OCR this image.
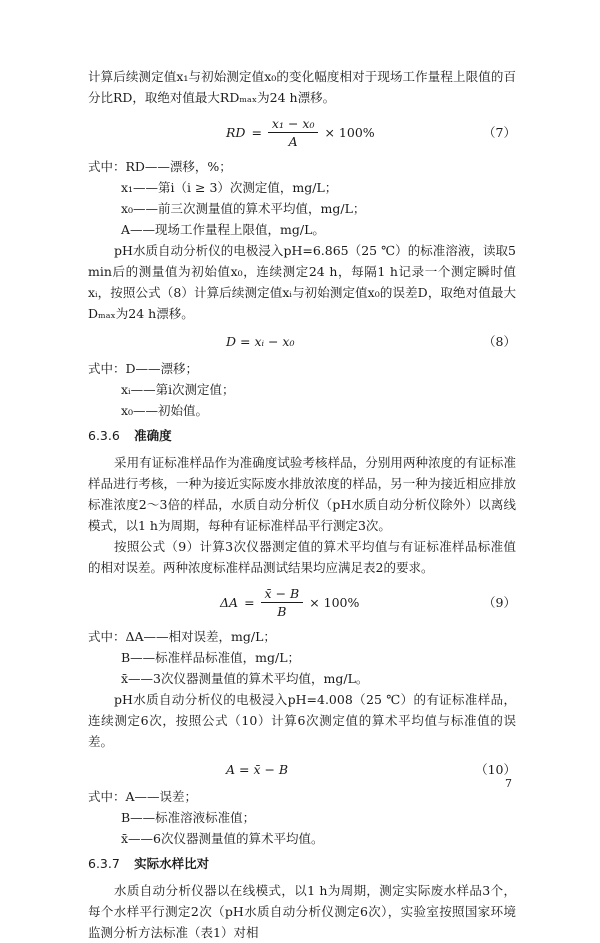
计算后续测定值x₁与初始测定值x₀的变化幅度相对于现场工作量程上限值的百分比RD，取绝对值最大RDₘₐₓ为24 h漂移。

RD = $\frac{\text{x₁ − x₀}}{A} \times 100\%$	（7）

式中：RD——漂移，%；

x₁——第i（i ≥ 3）次测定值，mg/L；

x₀——前三次测量值的算术平均值，mg/L；

A——现场工作量程上限值，mg/L。

pH水质自动分析仪的电极浸入pH=6.865（25 ℃）的标准溶液，读取5 min后的测量值为初始值x₀，连续测定24 h，每隔1 h记录一个测定瞬时值xᵢ，按照公式（8）计算后续测定值xᵢ与初始测定值x₀的误差D，取绝对值最大Dₘₐₓ为24 h漂移。

D = xᵢ − x₀	（8）

式中：D——漂移；

xᵢ——第i次测定值；

x₀——初始值。

6.3.6 准确度

采用有证标准样品作为准确度试验考核样品，分别用两种浓度的有证标准样品进行考核，一种为接近实际废水排放浓度的样品，另一种为接近相应排放标准浓度2～3倍的样品，水质自动分析仪（pH水质自动分析仪除外）以离线模式，以1 h为周期，每种有证标准样品平行测定3次。

按照公式（9）计算3次仪器测定值的算术平均值与有证标准样品标准值的相对误差。两种浓度标准样品测试结果均应满足表2的要求。

$\Delta A = \frac{x̄ - B}{B} \times 100\%$	（9）

式中：ΔA——相对误差，mg/L；

B——标准样品标准值，mg/L；

x̄——3次仪器测量值的算术平均值，mg/L。

pH水质自动分析仪的电极浸入pH=4.008（25 ℃）的有证标准样品，连续测定6次，按照公式（10）计算6次测定值的算术平均值与标准值的误差。

A = x̄ − B	（10）

式中：A——误差；

B——标准溶液标准值；

x̄——6次仪器测量值的算术平均值。

6.3.7 实际水样比对

水质自动分析仪器以在线模式，以1 h为周期，测定实际废水样品3个，每个水样平行测定2次（pH水质自动分析仪测定6次），实验室按照国家环境监测分析方法标准（表1）对相

7
